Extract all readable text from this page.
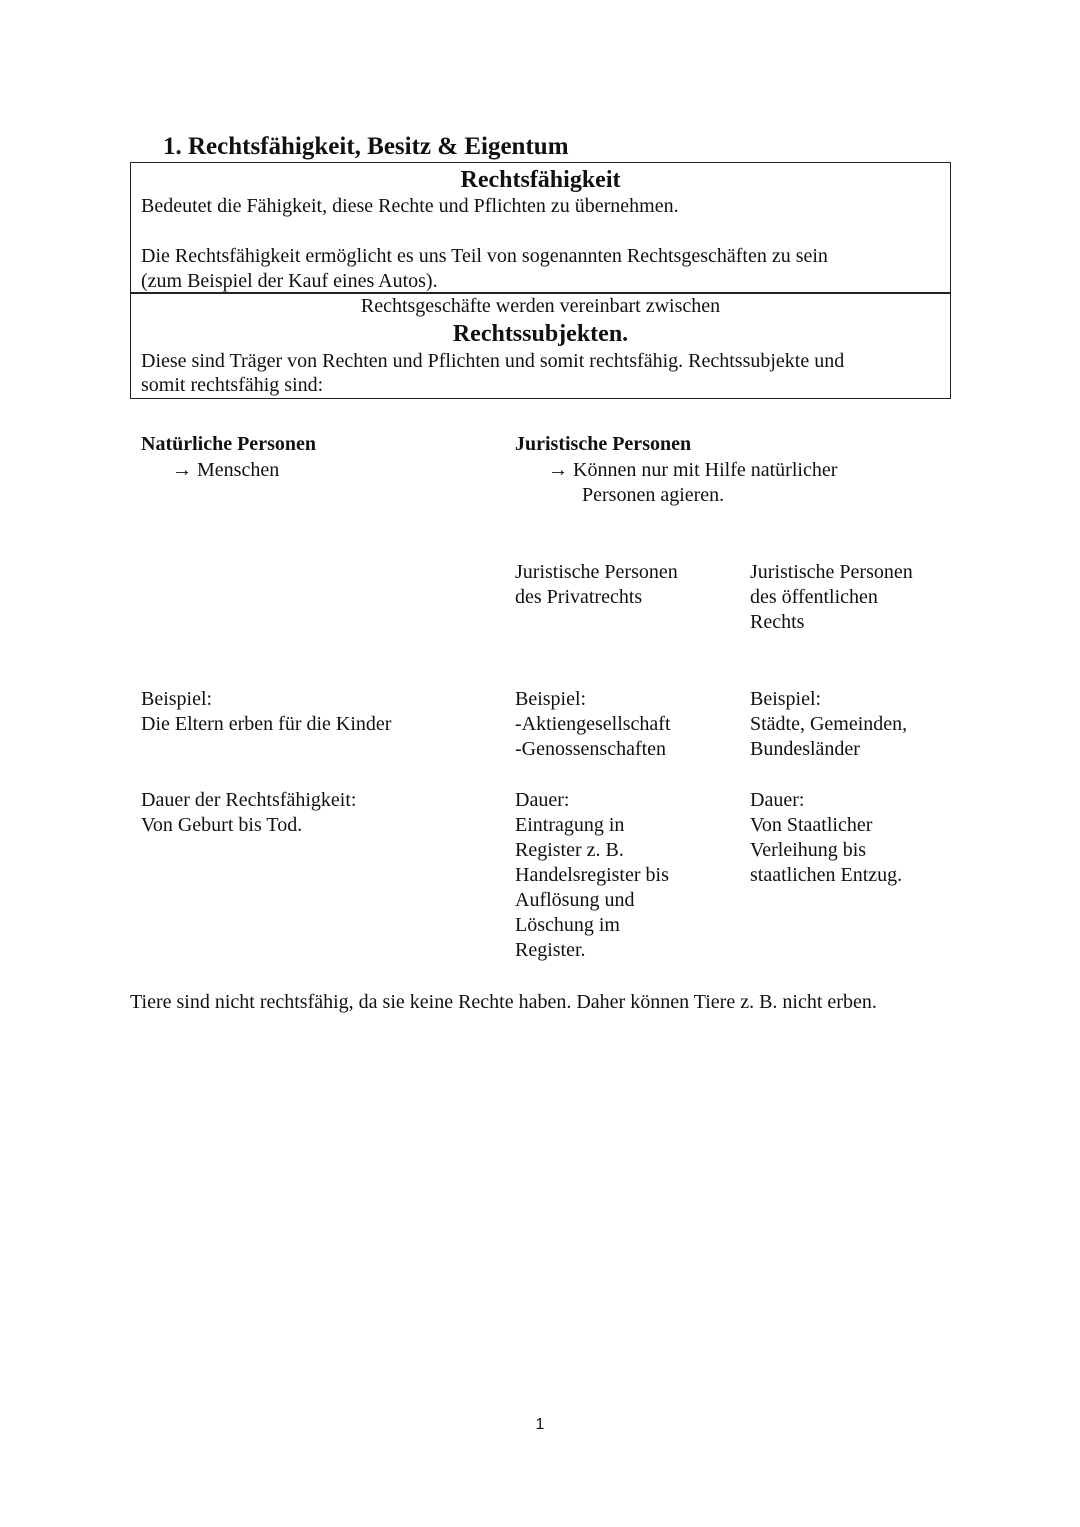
1. Rechtsfähigkeit, Besitz & Eigentum
Rechtsfähigkeit
Bedeutet die Fähigkeit, diese Rechte und Pflichten zu übernehmen.
Die Rechtsfähigkeit ermöglicht es uns Teil von sogenannten Rechtsgeschäften zu sein
(zum Beispiel der Kauf eines Autos).
Rechtsgeschäfte werden vereinbart zwischen
Rechtssubjekten.
Diese sind Träger von Rechten und Pflichten und somit rechtsfähig. Rechtssubjekte und
somit rechtsfähig sind:
Natürliche Personen
→ Menschen
Beispiel:
Die Eltern erben für die Kinder
Dauer der Rechtsfähigkeit:
Von Geburt bis Tod.
Juristische Personen
→ Können nur mit Hilfe natürlicher
Personen agieren.
Juristische Personen
des Privatrechts
Beispiel:
-Aktiengesellschaft
-Genossenschaften
Dauer:
Eintragung in
Register z. B.
Handelsregister bis
Auflösung und
Löschung im
Register.
Juristische Personen
des öffentlichen
Rechts
Beispiel:
Städte, Gemeinden,
Bundesländer
Dauer:
Von Staatlicher
Verleihung bis
staatlichen Entzug.
Tiere sind nicht rechtsfähig, da sie keine Rechte haben. Daher können Tiere z. B. nicht erben.
1
